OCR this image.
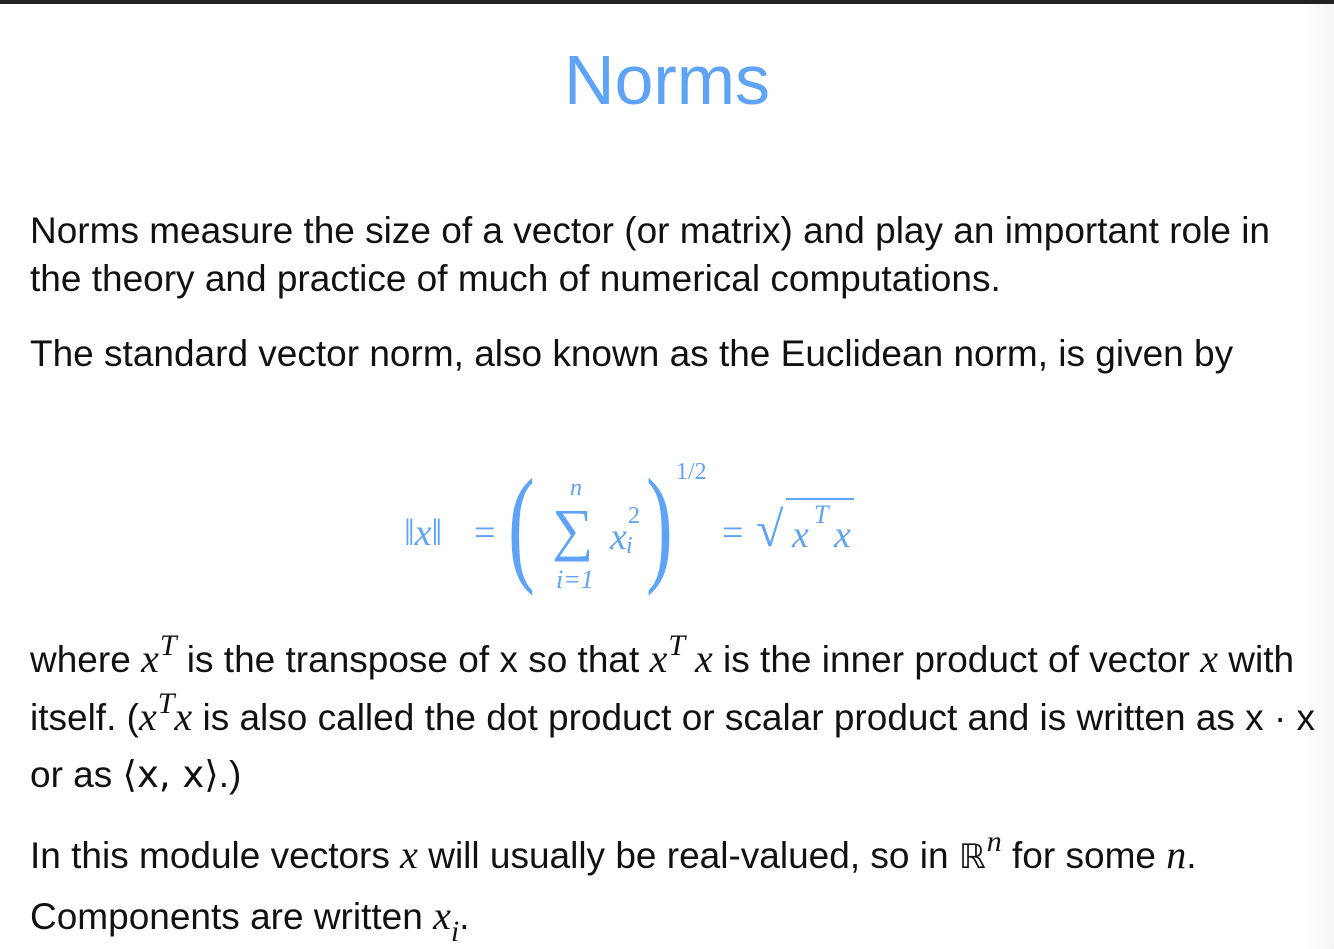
Norms

Norms measure the size of a vector (or matrix) and play an important role in the theory and practice of much of numerical computations.

The standard vector norm, also known as the Euclidean norm, is given by

‖x‖ = ( n
∑
i=1
x 2
i ) 1/2
= √ x T x

where $x^T$ is the transpose of x so that $x^T$ x is the inner product of vector x with itself. ($x^Tx$ is also called the dot product or scalar product and is written as x · x or as ⟨x, x⟩.)

In this module vectors x will usually be real-valued, so in ℝ$^n$ for some n. Components are written $x_i$.
